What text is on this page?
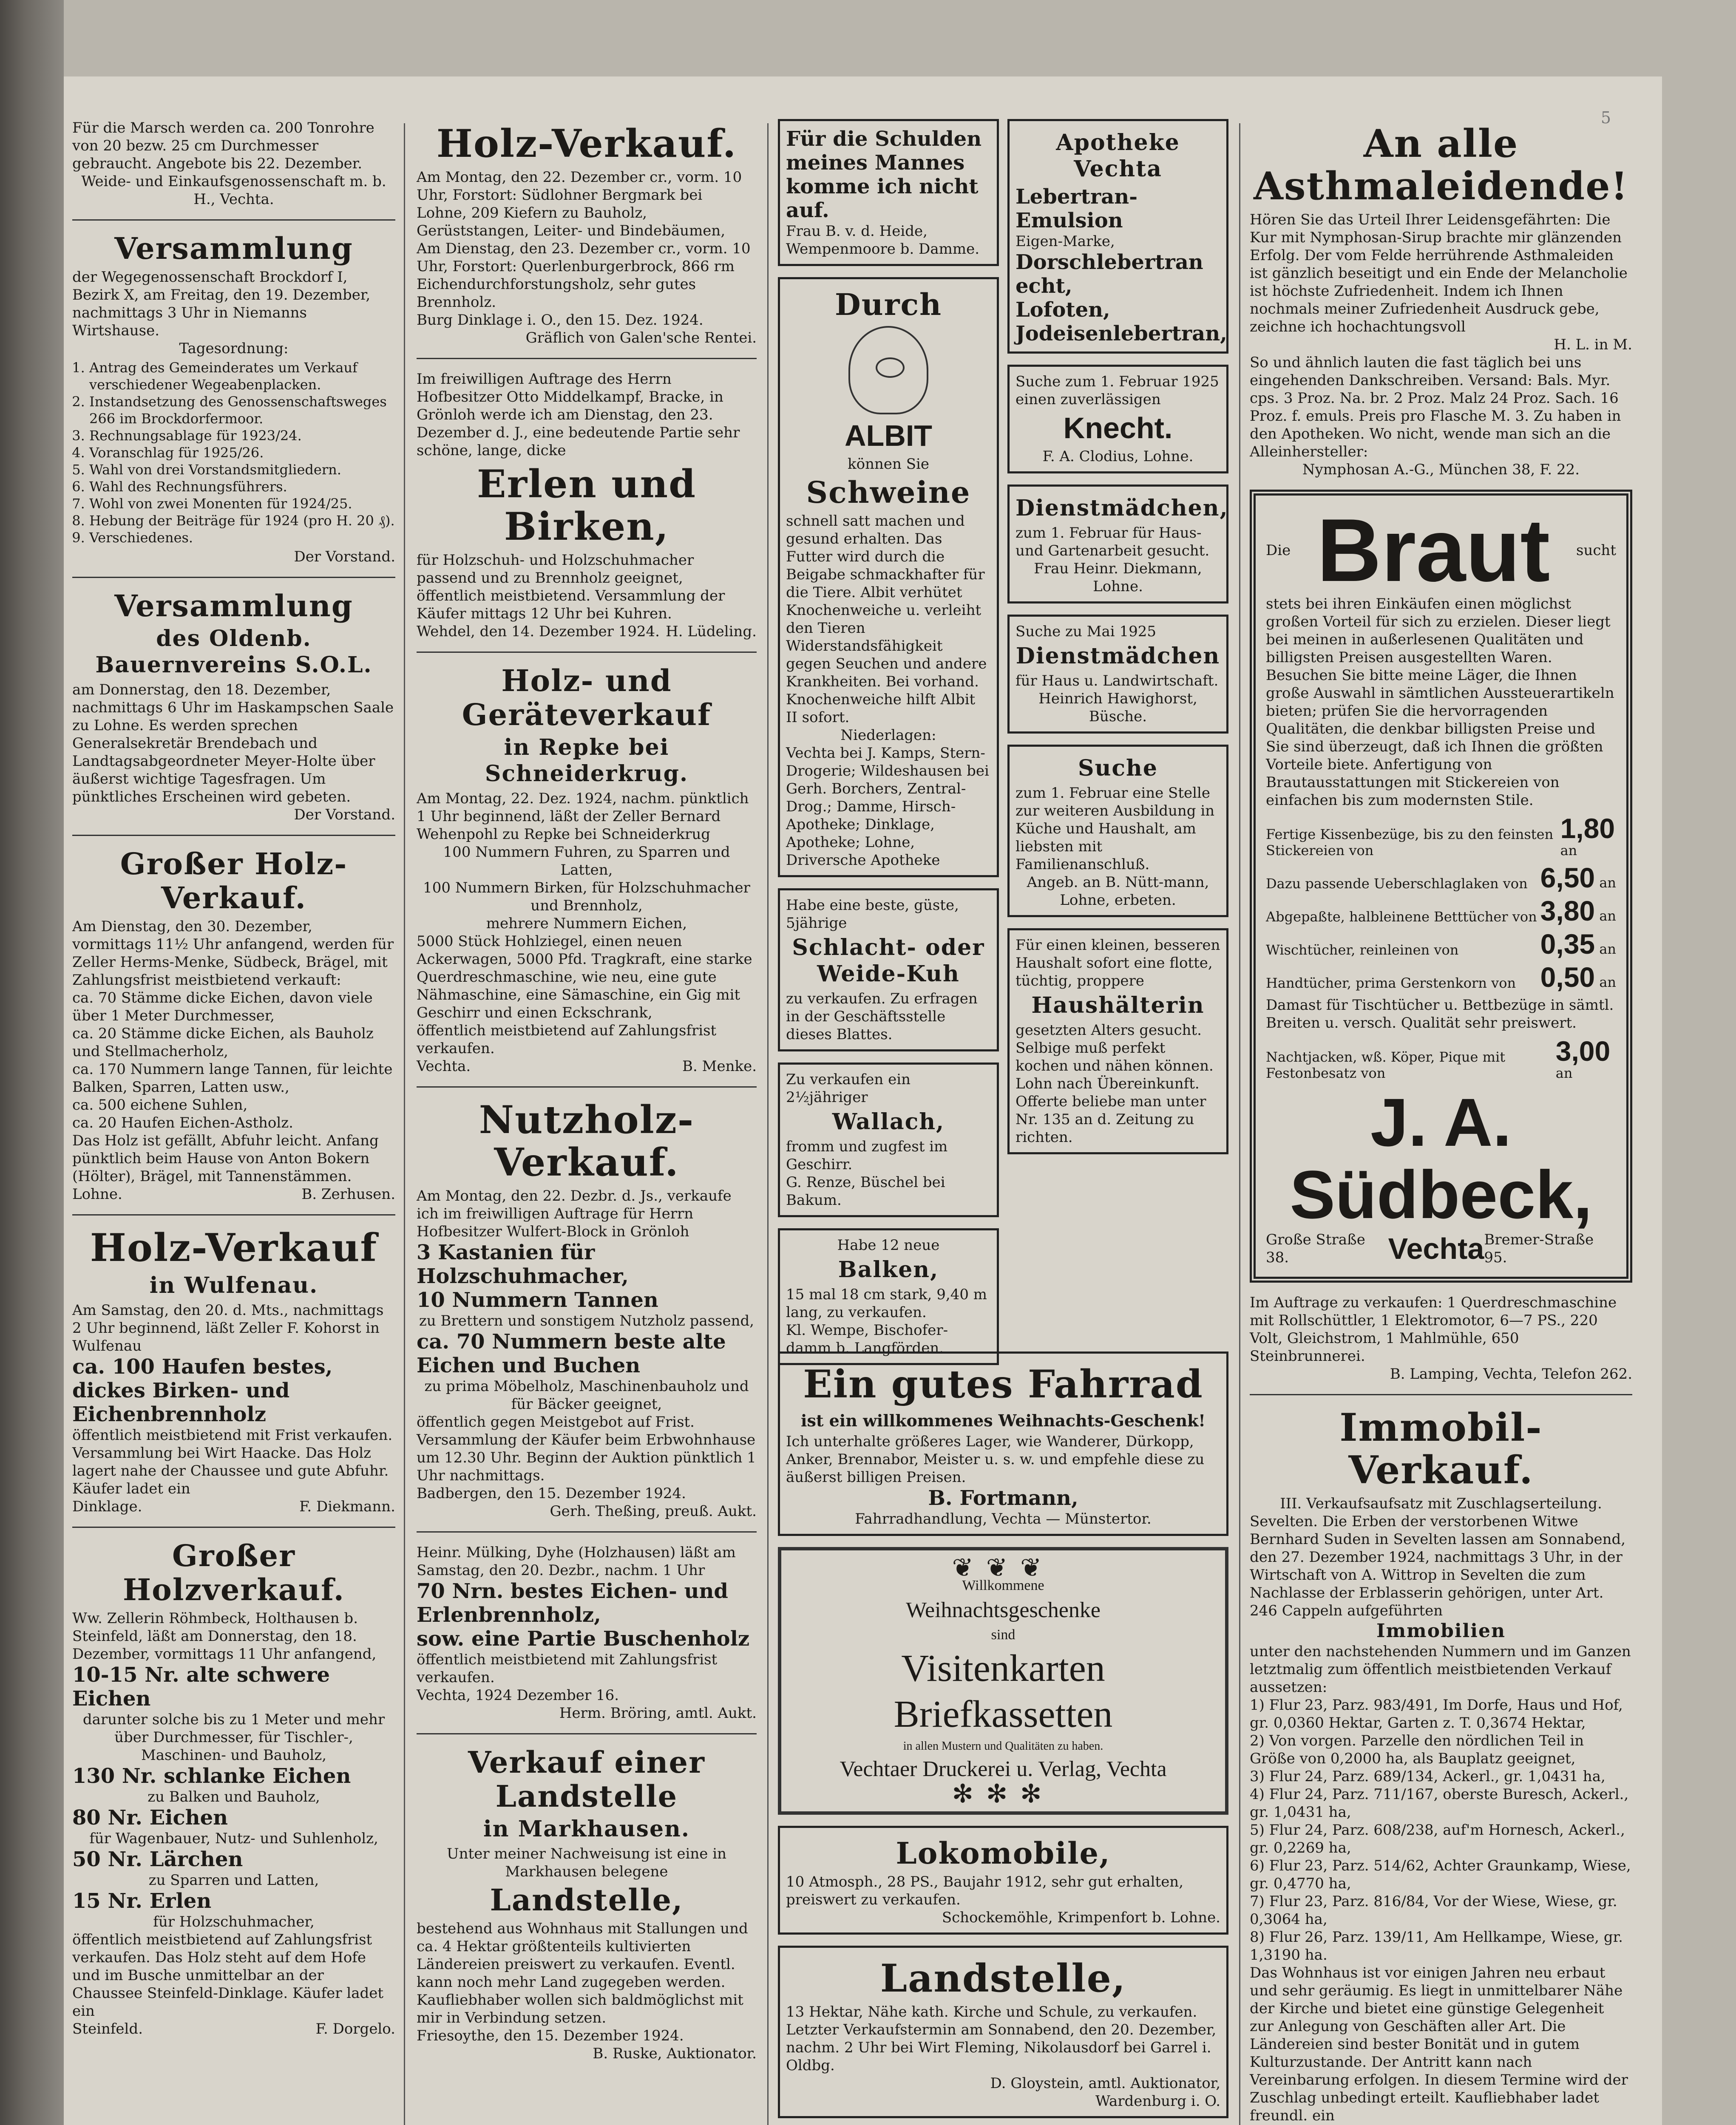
Für die Marsch werden ca. 200 Tonrohre von 20 bezw. 25 cm Durchmesser gebraucht. Angebote bis 22. Dezember.
Weide- und Einkaufsgenossenschaft m. b. H., Vechta.
Versammlung
der Wegegenossenschaft Brockdorf I, Bezirk X, am Freitag, den 19. Dezember, nachmittags 3 Uhr in Niemanns Wirtshause.
Tagesordnung:
1. Antrag des Gemeinderates um Verkauf verschiedener Wegeabenplacken.
2. Instandsetzung des Genossenschaftsweges 266 im Brockdorfermoor.
3. Rechnungsablage für 1923/24.
4. Voranschlag für 1925/26.
5. Wahl von drei Vorstandsmitgliedern.
6. Wahl des Rechnungsführers.
7. Wohl von zwei Monenten für 1924/25.
8. Hebung der Beiträge für 1924 (pro H. 20 ₰).
9. Verschiedenes.
Der Vorstand.
Versammlung
des Oldenb. Bauernvereins S.O.L.
am Donnerstag, den 18. Dezember, nachmittags 6 Uhr im Haskampschen Saale zu Lohne. Es werden sprechen Generalsekretär Brendebach und Landtagsabgeordneter Meyer-Holte über äußerst wichtige Tagesfragen. Um pünktliches Erscheinen wird gebeten.
Der Vorstand.
Großer Holz-Verkauf.
Am Dienstag, den 30. Dezember, vormittags 11½ Uhr anfangend, werden für Zeller Herms-Menke, Südbeck, Brägel, mit Zahlungsfrist meistbietend verkauft:
ca. 70 Stämme dicke Eichen, davon viele über 1 Meter Durchmesser,
ca. 20 Stämme dicke Eichen, als Bauholz und Stellmacherholz,
ca. 170 Nummern lange Tannen, für leichte Balken, Sparren, Latten usw.,
ca. 500 eichene Suhlen,
ca. 20 Haufen Eichen-Astholz.
Das Holz ist gefällt, Abfuhr leicht. Anfang pünktlich beim Hause von Anton Bokern (Hölter), Brägel, mit Tannenstämmen.
Lohne.	B. Zerhusen.
Holz-Verkauf
in Wulfenau.
Am Samstag, den 20. d. Mts., nachmittags 2 Uhr beginnend, läßt Zeller F. Kohorst in Wulfenau
ca. 100 Haufen bestes, dickes Birken- und Eichenbrennholz
öffentlich meistbietend mit Frist verkaufen. Versammlung bei Wirt Haacke. Das Holz lagert nahe der Chaussee und gute Abfuhr. Käufer ladet ein
Dinklage.	F. Diekmann.
Großer Holzverkauf.
Ww. Zellerin Röhmbeck, Holthausen b. Steinfeld, läßt am Donnerstag, den 18. Dezember, vormittags 11 Uhr anfangend,
10-15 Nr. alte schwere Eichen
darunter solche bis zu 1 Meter und mehr über Durchmesser, für Tischler-, Maschinen- und Bauholz,
130 Nr. schlanke Eichen
zu Balken und Bauholz,
80 Nr. Eichen
für Wagenbauer, Nutz- und Suhlenholz,
50 Nr. Lärchen
zu Sparren und Latten,
15 Nr. Erlen
für Holzschuhmacher,
öffentlich meistbietend auf Zahlungsfrist verkaufen. Das Holz steht auf dem Hofe und im Busche unmittelbar an der Chaussee Steinfeld-Dinklage. Käufer ladet ein
Steinfeld.	F. Dorgelo.
Holz-Verkauf.
Am Montag, den 22. Dezember cr., vorm. 10 Uhr, Forstort: Südlohner Bergmark bei Lohne, 209 Kiefern zu Bauholz, Gerüststangen, Leiter- und Bindebäumen,
Am Dienstag, den 23. Dezember cr., vorm. 10 Uhr, Forstort: Querlenburgerbrock, 866 rm Eichendurchforstungsholz, sehr gutes Brennholz.
Burg Dinklage i. O., den 15. Dez. 1924.
Gräflich von Galen'sche Rentei.
Im freiwilligen Auftrage des Herrn Hofbesitzer Otto Middelkampf, Bracke, in Grönloh werde ich am Dienstag, den 23. Dezember d. J., eine bedeutende Partie sehr schöne, lange, dicke
Erlen und Birken,
für Holzschuh- und Holzschuhmacher passend und zu Brennholz geeignet, öffentlich meistbietend. Versammlung der Käufer mittags 12 Uhr bei Kuhren.
Wehdel, den 14. Dezember 1924. H. Lüdeling.
Holz- und Geräteverkauf
in Repke bei Schneiderkrug.
Am Montag, 22. Dez. 1924, nachm. pünktlich 1 Uhr beginnend, läßt der Zeller Bernard Wehenpohl zu Repke bei Schneiderkrug
100 Nummern Fuhren, zu Sparren und Latten,
100 Nummern Birken, für Holzschuhmacher und Brennholz,
mehrere Nummern Eichen,
5000 Stück Hohlziegel, einen neuen Ackerwagen, 5000 Pfd. Tragkraft, eine starke Querdreschmaschine, wie neu, eine gute Nähmaschine, eine Sämaschine, ein Gig mit Geschirr und einen Eckschrank,
öffentlich meistbietend auf Zahlungsfrist verkaufen.
Vechta.	B. Menke.
Nutzholz-Verkauf.
Am Montag, den 22. Dezbr. d. Js., verkaufe ich im freiwilligen Auftrage für Herrn Hofbesitzer Wulfert-Block in Grönloh
3 Kastanien für Holzschuhmacher,
10 Nummern Tannen
zu Brettern und sonstigem Nutzholz passend,
ca. 70 Nummern beste alte Eichen und Buchen
zu prima Möbelholz, Maschinenbauholz und für Bäcker geeignet,
öffentlich gegen Meistgebot auf Frist. Versammlung der Käufer beim Erbwohnhause um 12.30 Uhr. Beginn der Auktion pünktlich 1 Uhr nachmittags.
Badbergen, den 15. Dezember 1924.
Gerh. Theßing, preuß. Aukt.
Heinr. Mülking, Dyhe (Holzhausen) läßt am Samstag, den 20. Dezbr., nachm. 1 Uhr
70 Nrn. bestes Eichen- und Erlenbrennholz,
sow. eine Partie Buschenholz
öffentlich meistbietend mit Zahlungsfrist verkaufen.
Vechta, 1924 Dezember 16.
Herm. Bröring, amtl. Aukt.
Verkauf einer Landstelle
in Markhausen.
Unter meiner Nachweisung ist eine in Markhausen belegene
Landstelle,
bestehend aus Wohnhaus mit Stallungen und ca. 4 Hektar größtenteils kultivierten Ländereien preiswert zu verkaufen. Eventl. kann noch mehr Land zugegeben werden. Kaufliebhaber wollen sich baldmöglichst mit mir in Verbindung setzen.
Friesoythe, den 15. Dezember 1924.
B. Ruske, Auktionator.
Für die Schulden meines Mannes komme ich nicht auf.
Frau B. v. d. Heide, Wempenmoore b. Damme.
Durch
ALBIT
können Sie
Schweine
schnell satt machen und gesund erhalten. Das Futter wird durch die Beigabe schmackhafter für die Tiere. Albit verhütet Knochenweiche u. verleiht den Tieren Widerstandsfähigkeit gegen Seuchen und andere Krankheiten. Bei vorhand. Knochenweiche hilft Albit II sofort.
Niederlagen:
Vechta bei J. Kamps, Stern-Drogerie; Wildeshausen bei Gerh. Borchers, Zentral-Drog.; Damme, Hirsch-Apotheke; Dinklage, Apotheke; Lohne, Driversche Apotheke
Habe eine beste, güste, 5jährige
Schlacht- oder Weide-Kuh
zu verkaufen. Zu erfragen in der Geschäftsstelle dieses Blattes.
Zu verkaufen ein 2½jähriger
Wallach,
fromm und zugfest im Geschirr.
G. Renze, Büschel bei Bakum.
Habe 12 neue
Balken,
15 mal 18 cm stark, 9,40 m lang, zu verkaufen.
Kl. Wempe, Bischofer-damm b. Langförden.
Apotheke Vechta
Lebertran-Emulsion
Eigen-Marke,
Dorschlebertran echt,
Lofoten, Jodeisenlebertran,
Suche zum 1. Februar 1925 einen zuverlässigen
Knecht.
F. A. Clodius, Lohne.
Dienstmädchen,
zum 1. Februar für Haus- und Gartenarbeit gesucht.
Frau Heinr. Diekmann, Lohne.
Suche zu Mai 1925
Dienstmädchen
für Haus u. Landwirtschaft.
Heinrich Hawighorst, Büsche.
Suche
zum 1. Februar eine Stelle zur weiteren Ausbildung in Küche und Haushalt, am liebsten mit Familienanschluß.
Angeb. an B. Nütt-mann, Lohne, erbeten.
Für einen kleinen, besseren Haushalt sofort eine flotte, tüchtig, proppere
Haushälterin
gesetzten Alters gesucht. Selbige muß perfekt kochen und nähen können. Lohn nach Übereinkunft. Offerte beliebe man unter Nr. 135 an d. Zeitung zu richten.
Ein gutes Fahrrad
ist ein willkommenes Weihnachts-Geschenk!
Ich unterhalte größeres Lager, wie Wanderer, Dürkopp, Anker, Brennabor, Meister u. s. w. und empfehle diese zu äußerst billigen Preisen.
B. Fortmann,
Fahrradhandlung, Vechta — Münstertor.
❦❦❦
Willkommene
Weihnachtsgeschenke
sind
Visitenkarten
Briefkassetten
in allen Mustern und Qualitäten zu haben.
Vechtaer Druckerei u. Verlag, Vechta
✻✻✻
Lokomobile,
10 Atmosph., 28 PS., Baujahr 1912, sehr gut erhalten, preiswert zu verkaufen.
Schockemöhle, Krimpenfort b. Lohne.
Landstelle,
13 Hektar, Nähe kath. Kirche und Schule, zu verkaufen. Letzter Verkaufstermin am Sonnabend, den 20. Dezember, nachm. 2 Uhr bei Wirt Fleming, Nikolausdorf bei Garrel i. Oldbg.
D. Gloystein, amtl. Auktionator,
Wardenburg i. O.
An alle Asthmaleidende!
Hören Sie das Urteil Ihrer Leidensgefährten: Die Kur mit Nymphosan-Sirup brachte mir glänzenden Erfolg. Der vom Felde herrührende Asthmaleiden ist gänzlich beseitigt und ein Ende der Melancholie ist höchste Zufriedenheit. Indem ich Ihnen nochmals meiner Zufriedenheit Ausdruck gebe, zeichne ich hochachtungsvoll
H. L. in M.
So und ähnlich lauten die fast täglich bei uns eingehenden Dankschreiben. Versand: Bals. Myr. cps. 3 Proz. Na. br. 2 Proz. Malz 24 Proz. Sach. 16 Proz. f. emuls. Preis pro Flasche M. 3. Zu haben in den Apotheken. Wo nicht, wende man sich an die Alleinhersteller:
Nymphosan A.-G., München 38, F. 22.
Die Braut sucht
stets bei ihren Einkäufen einen möglichst großen Vorteil für sich zu erzielen. Dieser liegt bei meinen in außerlesenen Qualitäten und billigsten Preisen ausgestellten Waren. Besuchen Sie bitte meine Läger, die Ihnen große Auswahl in sämtlichen Aussteuerartikeln bieten; prüfen Sie die hervorragenden Qualitäten, die denkbar billigsten Preise und Sie sind überzeugt, daß ich Ihnen die größten Vorteile biete. Anfertigung von Brautausstattungen mit Stickereien von einfachen bis zum modernsten Stile.
Fertige Kissenbezüge, bis zu den feinsten Stickereien von
1,80 an
Dazu passende Ueberschlaglaken von 6,50 an
Abgepaßte, halbleinene Betttücher von 3,80 an
Wischtücher, reinleinen von	0,35 an
Handtücher, prima Gerstenkorn von 0,50 an
Damast für Tischtücher u. Bettbezüge in sämtl. Breiten u. versch. Qualität sehr preiswert.
Nachtjacken, wß. Köper, Pique mit Festonbesatz von
3,00 an
J. A. Südbeck,
Große Straße 38.	Vechta Bremer-Straße 95.
Im Auftrage zu verkaufen: 1 Querdreschmaschine mit Rollschüttler, 1 Elektromotor, 6—7 PS., 220 Volt, Gleichstrom, 1 Mahlmühle, 650 Steinbrunnerei.
B. Lamping, Vechta, Telefon 262.
Immobil-Verkauf.
III. Verkaufsaufsatz mit Zuschlagserteilung.
Sevelten. Die Erben der verstorbenen Witwe Bernhard Suden in Sevelten lassen am Sonnabend, den 27. Dezember 1924, nachmittags 3 Uhr, in der Wirtschaft von A. Wittrop in Sevelten die zum Nachlasse der Erblasserin gehörigen, unter Art. 246 Cappeln aufgeführten
Immobilien
unter den nachstehenden Nummern und im Ganzen letztmalig zum öffentlich meistbietenden Verkauf aussetzen:
1) Flur 23, Parz. 983/491, Im Dorfe, Haus und Hof, gr. 0,0360 Hektar, Garten z. T. 0,3674 Hektar,
2) Von vorgen. Parzelle den nördlichen Teil in Größe von 0,2000 ha, als Bauplatz geeignet,
3) Flur 24, Parz. 689/134, Ackerl., gr. 1,0431 ha,
4) Flur 24, Parz. 711/167, oberste Buresch, Ackerl., gr. 1,0431 ha,
5) Flur 24, Parz. 608/238, auf'm Hornesch, Ackerl., gr. 0,2269 ha,
6) Flur 23, Parz. 514/62, Achter Graunkamp, Wiese, gr. 0,4770 ha,
7) Flur 23, Parz. 816/84, Vor der Wiese, Wiese, gr. 0,3064 ha,
8) Flur 26, Parz. 139/11, Am Hellkampe, Wiese, gr. 1,3190 ha.
Das Wohnhaus ist vor einigen Jahren neu erbaut und sehr geräumig. Es liegt in unmittelbarer Nähe der Kirche und bietet eine günstige Gelegenheit zur Anlegung von Geschäften aller Art. Die Ländereien sind bester Bonität und in gutem Kulturzustande. Der Antritt kann nach Vereinbarung erfolgen. In diesem Termine wird der Zuschlag unbedingt erteilt. Kaufliebhaber ladet freundl. ein
5
